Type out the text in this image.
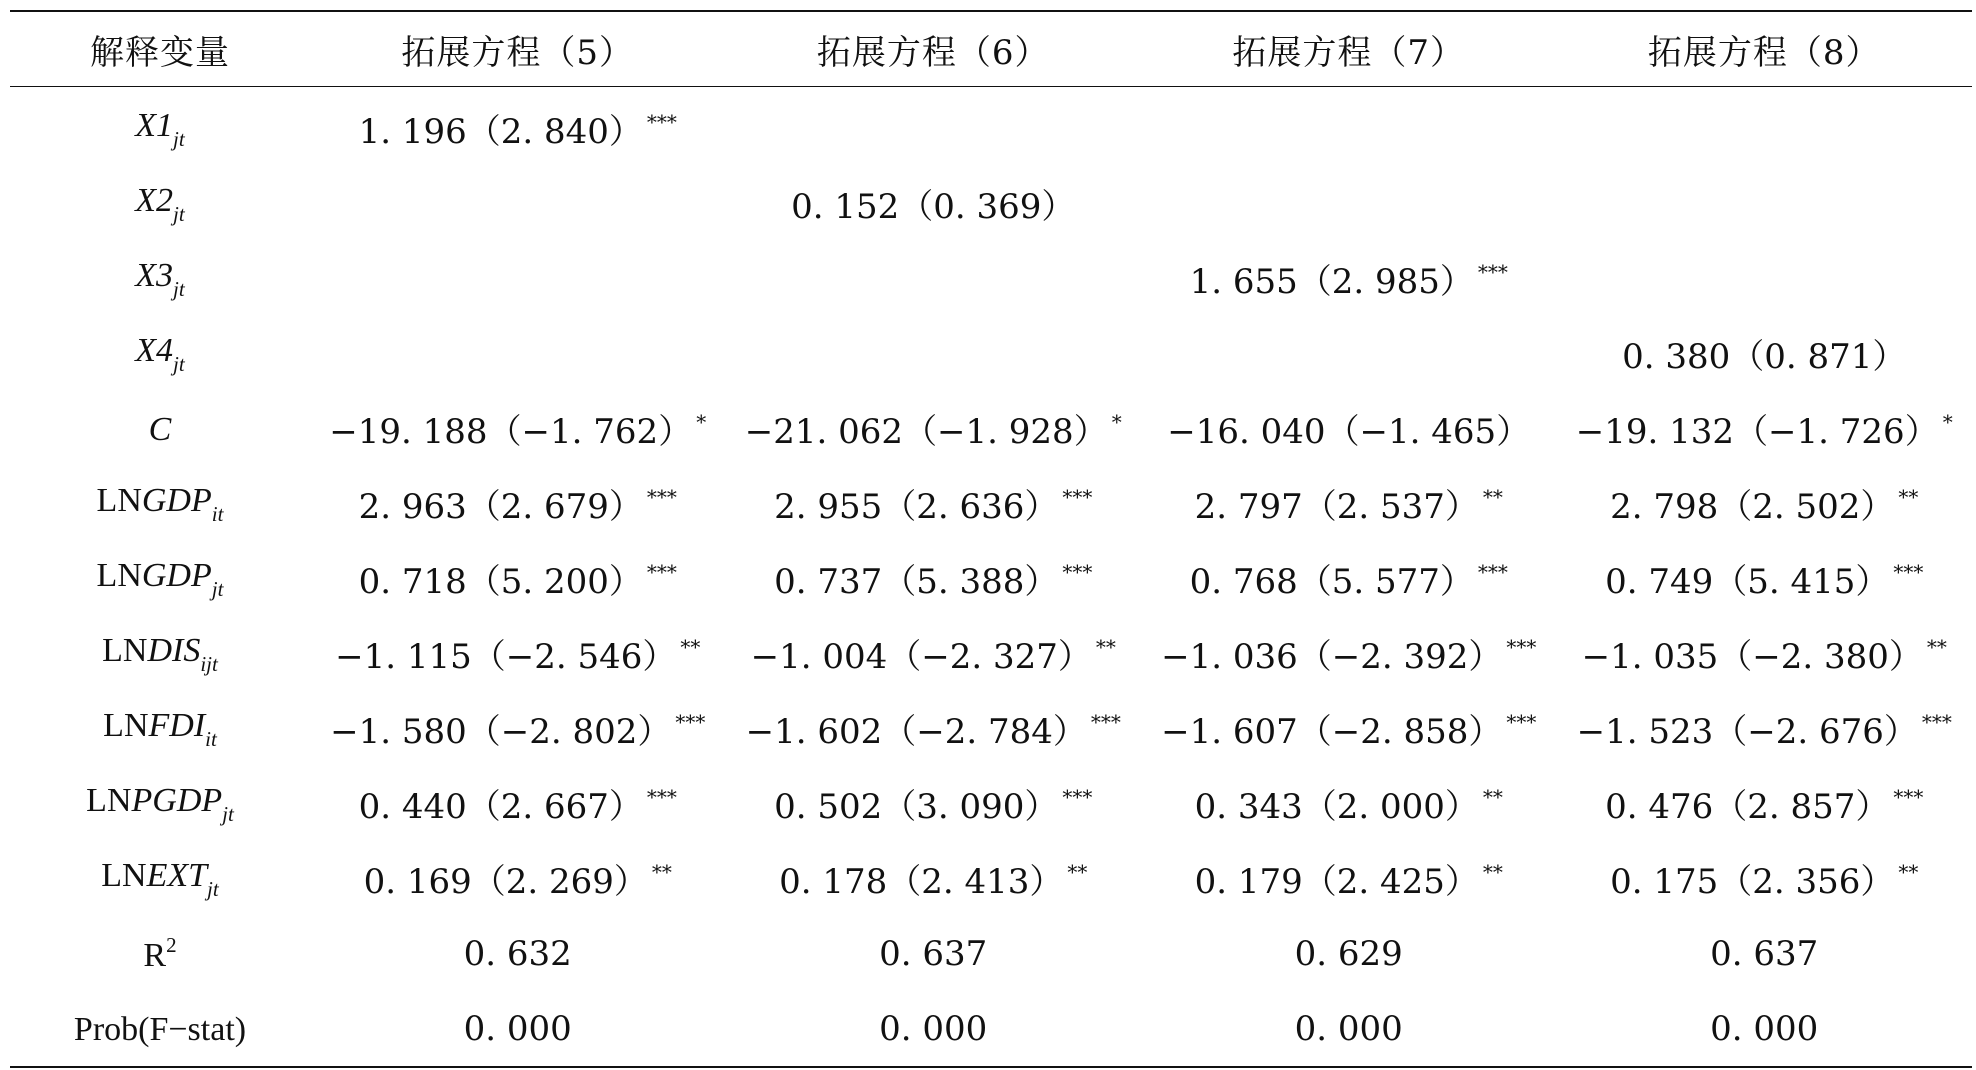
解释变量	拓展方程（5）	拓展方程（6）	拓展方程（7）	拓展方程（8）
$X1_{jt}$	1. 196（2. 840） ***			
$X2_{jt}$		0. 152（0. 369）		
$X3_{jt}$			1. 655（2. 985） ***	
$X4_{jt}$				0. 380（0. 871）
C	−19. 188（−1. 762） *	−21. 062（−1. 928） *	−16. 040（−1. 465）	−19. 132（−1. 726） *
$LNGDP_{it}$	2. 963（2. 679） ***	2. 955（2. 636） ***	2. 797（2. 537） **	2. 798（2. 502） **
$LNGDP_{jt}$	0. 718（5. 200） ***	0. 737（5. 388） ***	0. 768（5. 577） ***	0. 749（5. 415） ***
$LNDIS_{ijt}$	−1. 115（−2. 546） **	−1. 004（−2. 327） **	−1. 036（−2. 392） ***	−1. 035（−2. 380） **
$LNFDI_{it}$	−1. 580（−2. 802） ***	−1. 602（−2. 784） ***	−1. 607（−2. 858） ***	−1. 523（−2. 676） ***
$LNPGDP_{jt}$	0. 440（2. 667） ***	0. 502（3. 090） ***	0. 343（2. 000） **	0. 476（2. 857） ***
$LNEXT_{jt}$	0. 169（2. 269） **	0. 178（2. 413） **	0. 179（2. 425） **	0. 175（2. 356） **
$R^2$	0. 632	0. 637	0. 629	0. 637
Prob(F−stat)	0. 000	0. 000	0. 000	0. 000
